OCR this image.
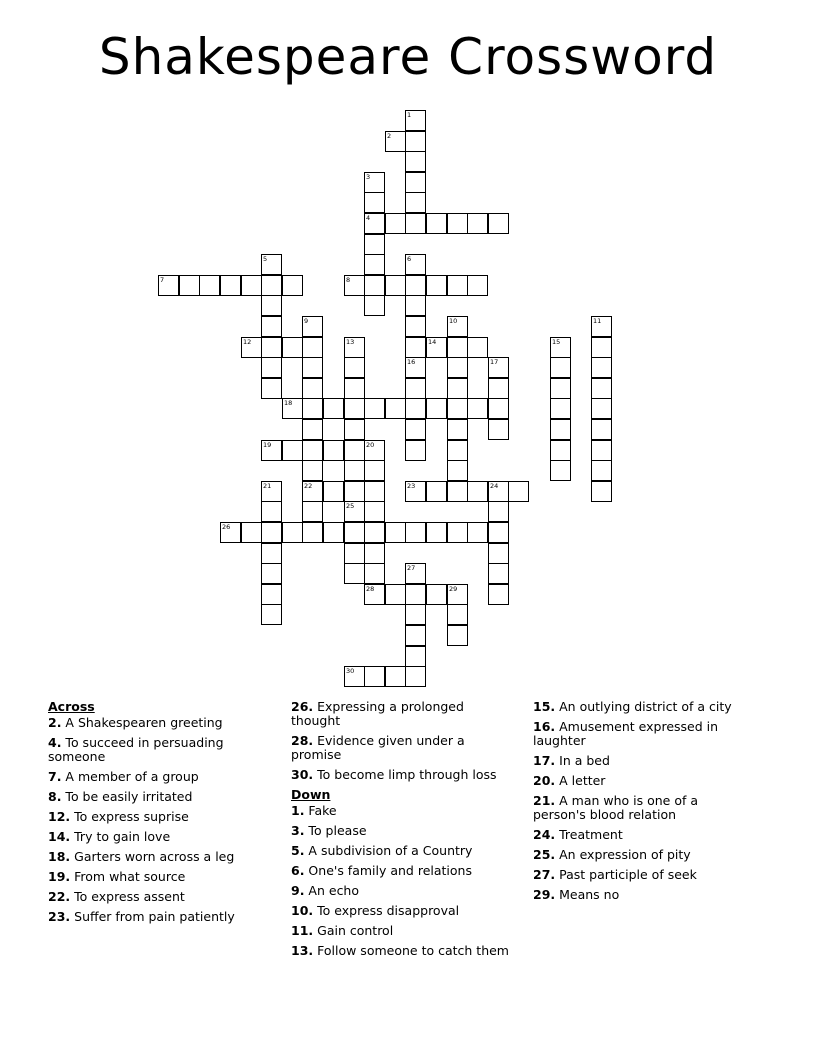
Shakespeare Crossword
1
2
3
4
5	6
7	8
9	10	11
12	13	14	15
16	17
18
19	20
21	22	23	24
25
26
27
28	29
30
Across
2. A Shakespearen greeting
4. To succeed in persuading someone
7. A member of a group
8. To be easily irritated
12. To express suprise
14. Try to gain love
18. Garters worn across a leg
19. From what source
22. To express assent
23. Suffer from pain patiently
26. Expressing a prolonged thought
28. Evidence given under a promise
30. To become limp through loss
Down
1. Fake
3. To please
5. A subdivision of a Country
6. One's family and relations
9. An echo
10. To express disapproval
11. Gain control
13. Follow someone to catch them
15. An outlying district of a city
16. Amusement expressed in laughter
17. In a bed
20. A letter
21. A man who is one of a person's blood relation
24. Treatment
25. An expression of pity
27. Past participle of seek
29. Means no
